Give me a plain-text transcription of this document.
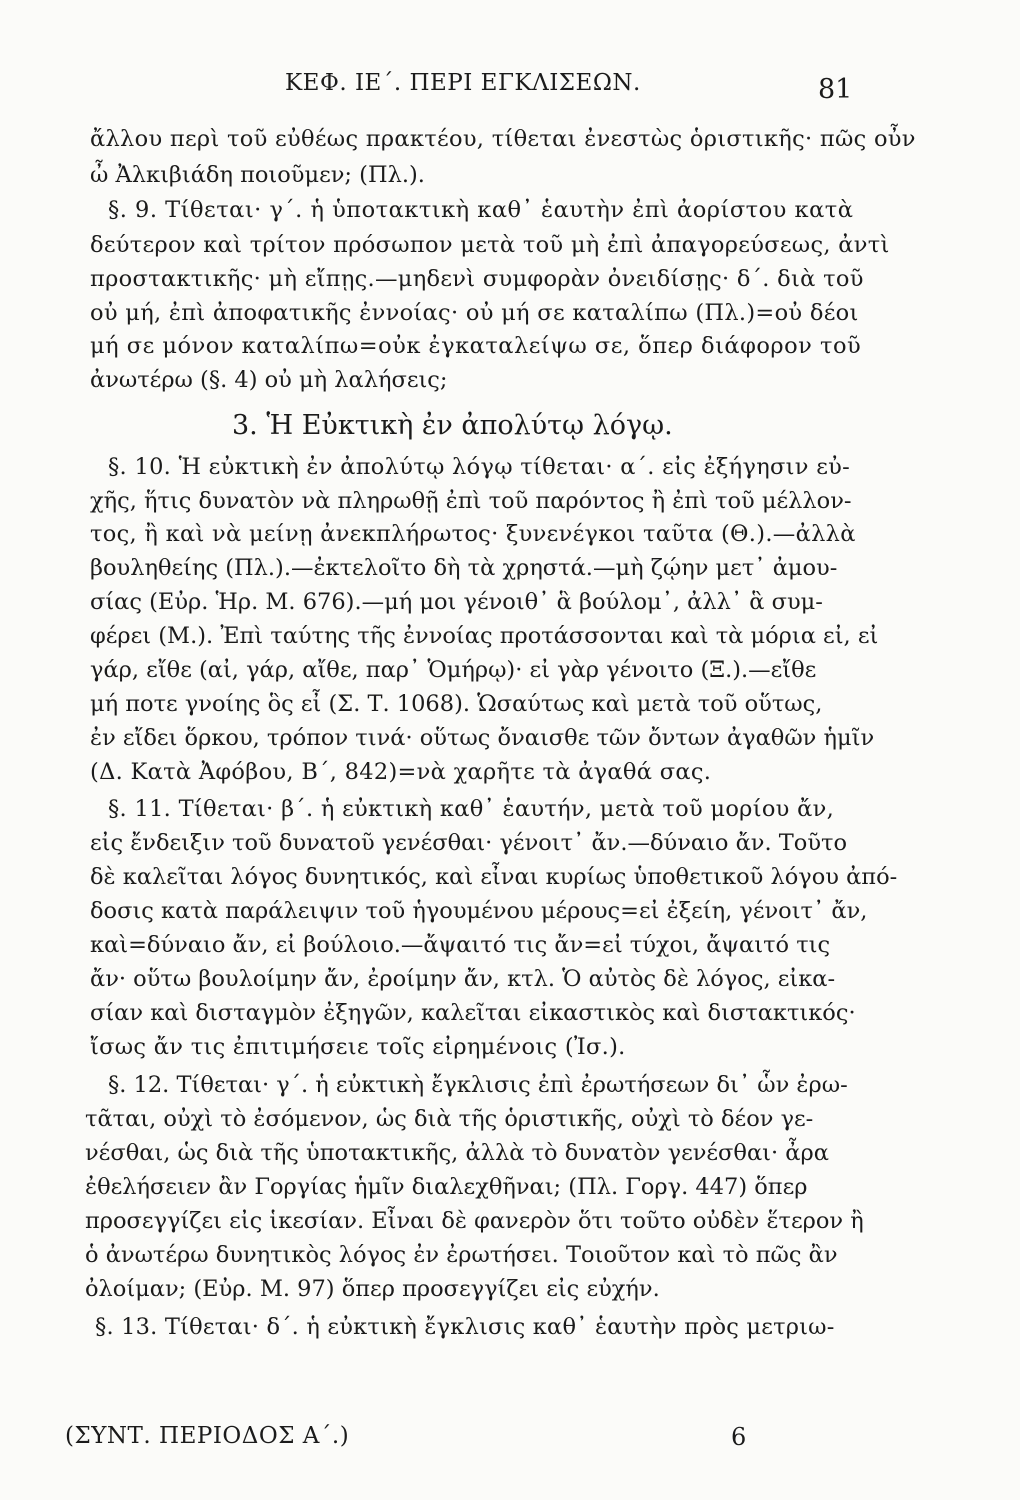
ΚΕΦ. ΙΕ΄. ΠΕΡΙ ΕΓΚΛΙΣΕΩΝ.	81
ἄλλου περὶ τοῦ εὐθέως πρακτέου, τίθεται ἐνεστὼς ὁριστικῆς· πῶς οὖν
ὦ Ἀλκιβιάδη ποιοῦμεν; (Πλ.).
§. 9. Τίθεται· γ΄. ἡ ὑποτακτικὴ καθ᾿ ἑαυτὴν ἐπὶ ἀορίστου κατὰ
δεύτερον καὶ τρίτον πρόσωπον μετὰ τοῦ μὴ ἐπὶ ἀπαγορεύσεως, ἀντὶ
προστακτικῆς· μὴ εἴπῃς.—μηδενὶ συμφορὰν ὀνειδίσῃς· δ΄. διὰ τοῦ
οὐ μή, ἐπὶ ἀποφατικῆς ἐννοίας· οὐ μή σε καταλίπω (Πλ.)=οὐ δέοι
μή σε μόνον καταλίπω=οὐκ ἐγκαταλείψω σε, ὅπερ διάφορον τοῦ
ἀνωτέρω (§. 4) οὐ μὴ λαλήσεις;
3. Ἡ Εὐκτικὴ ἐν ἀπολύτῳ λόγῳ.
§. 10. Ἡ εὐκτικὴ ἐν ἀπολύτῳ λόγῳ τίθεται· α΄. εἰς ἐξήγησιν εὐ-
χῆς, ἥτις δυνατὸν νὰ πληρωθῇ ἐπὶ τοῦ παρόντος ἢ ἐπὶ τοῦ μέλλον-
τος, ἢ καὶ νὰ μείνῃ ἀνεκπλήρωτος· ξυνενέγκοι ταῦτα (Θ.).—ἀλλὰ
βουληθείης (Πλ.).—ἐκτελοῖτο δὴ τὰ χρηστά.—μὴ ζῴην μετ᾿ ἀμου-
σίας (Εὐρ. Ἡρ. Μ. 676).—μή μοι γένοιθ᾿ ἃ βούλομ᾿, ἀλλ᾿ ἃ συμ-
φέρει (Μ.). Ἐπὶ ταύτης τῆς ἐννοίας προτάσσονται καὶ τὰ μόρια εἰ, εἰ
γάρ, εἴθε (αἰ, γάρ, αἴθε, παρ᾿ Ὁμήρῳ)· εἰ γὰρ γένοιτο (Ξ.).—εἴθε
μή ποτε γνοίης ὃς εἶ (Σ. Τ. 1068). Ὡσαύτως καὶ μετὰ τοῦ οὕτως,
ἐν εἴδει ὅρκου, τρόπον τινά· οὕτως ὄναισθε τῶν ὄντων ἀγαθῶν ἡμῖν
(Δ. Κατὰ Ἀφόβου, Β΄, 842)=νὰ χαρῆτε τὰ ἀγαθά σας.
§. 11. Τίθεται· β΄. ἡ εὐκτικὴ καθ᾿ ἑαυτήν, μετὰ τοῦ μορίου ἄν,
εἰς ἔνδειξιν τοῦ δυνατοῦ γενέσθαι· γένοιτ᾿ ἄν.—δύναιο ἄν. Τοῦτο
δὲ καλεῖται λόγος δυνητικός, καὶ εἶναι κυρίως ὑποθετικοῦ λόγου ἀπό-
δοσις κατὰ παράλειψιν τοῦ ἡγουμένου μέρους=εἰ ἐξείη, γένοιτ᾿ ἄν,
καὶ=δύναιο ἄν, εἰ βούλοιο.—ἄψαιτό τις ἄν=εἰ τύχοι, ἄψαιτό τις
ἄν· οὕτω βουλοίμην ἄν, ἐροίμην ἄν, κτλ. Ὁ αὐτὸς δὲ λόγος, εἰκα-
σίαν καὶ δισταγμὸν ἐξηγῶν, καλεῖται εἰκαστικὸς καὶ διστακτικός·
ἴσως ἄν τις ἐπιτιμήσειε τοῖς εἰρημένοις (Ἰσ.).
§. 12. Τίθεται· γ΄. ἡ εὐκτικὴ ἔγκλισις ἐπὶ ἐρωτήσεων δι᾿ ὧν ἐρω-
τᾶται, οὐχὶ τὸ ἐσόμενον, ὡς διὰ τῆς ὁριστικῆς, οὐχὶ τὸ δέον γε-
νέσθαι, ὡς διὰ τῆς ὑποτακτικῆς, ἀλλὰ τὸ δυνατὸν γενέσθαι· ἆρα
ἐθελήσειεν ἂν Γοργίας ἡμῖν διαλεχθῆναι; (Πλ. Γοργ. 447) ὅπερ
προσεγγίζει εἰς ἱκεσίαν. Εἶναι δὲ φανερὸν ὅτι τοῦτο οὐδὲν ἕτερον ἢ
ὁ ἀνωτέρω δυνητικὸς λόγος ἐν ἐρωτήσει. Τοιοῦτον καὶ τὸ πῶς ἂν
ὀλοίμαν; (Εὐρ. Μ. 97) ὅπερ προσεγγίζει εἰς εὐχήν.
§. 13. Τίθεται· δ΄. ἡ εὐκτικὴ ἔγκλισις καθ᾿ ἑαυτὴν πρὸς μετριω-
(ΣΥΝΤ. ΠΕΡΙΟΔΟΣ Α΄.)	6
